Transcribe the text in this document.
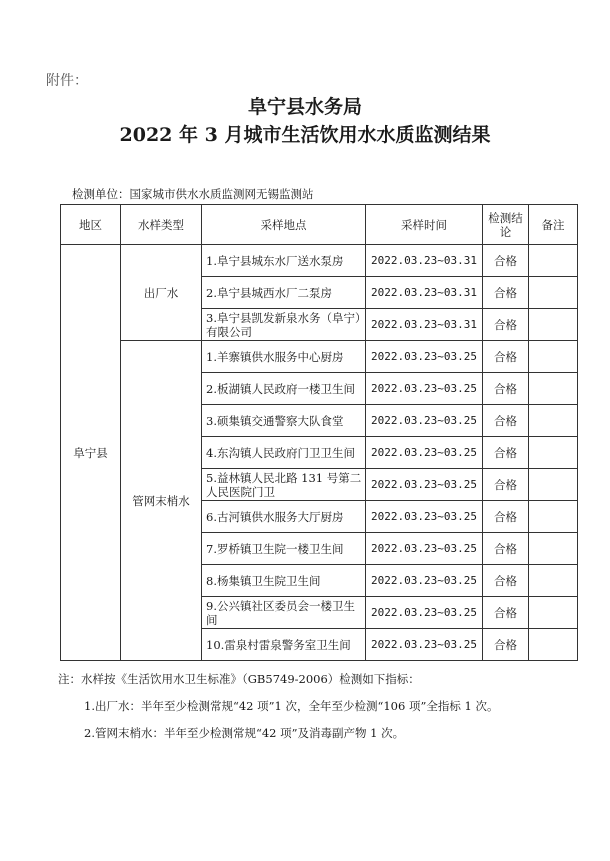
附件：
阜宁县水务局
2022 年 3 月城市生活饮用水水质监测结果
检测单位：国家城市供水水质监测网无锡监测站
地区	水样类型	采样地点	采样时间	检测结论	备注
阜宁县	出厂水	1.阜宁县城东水厂送水泵房	2022.03.23~03.31	合格	
		2.阜宁县城西水厂二泵房	2022.03.23~03.31	合格	
		3.阜宁县凯发新泉水务（阜宁）有限公司	2022.03.23~03.31	合格	
	管网末梢水	1.羊寨镇供水服务中心厨房	2022.03.23~03.25	合格	
		2.板湖镇人民政府一楼卫生间	2022.03.23~03.25	合格	
		3.硕集镇交通警察大队食堂	2022.03.23~03.25	合格	
		4.东沟镇人民政府门卫卫生间	2022.03.23~03.25	合格	
		5.益林镇人民北路 131 号第二人民医院门卫	2022.03.23~03.25	合格	
		6.古河镇供水服务大厅厨房	2022.03.23~03.25	合格	
		7.罗桥镇卫生院一楼卫生间	2022.03.23~03.25	合格	
		8.杨集镇卫生院卫生间	2022.03.23~03.25	合格	
		9.公兴镇社区委员会一楼卫生间	2022.03.23~03.25	合格	
		10.雷泉村雷泉警务室卫生间	2022.03.23~03.25	合格	
注：水样按《生活饮用水卫生标准》（GB5749-2006）检测如下指标：
1.出厂水：半年至少检测常规“42 项”1 次，全年至少检测“106 项”全指标 1 次。
2.管网末梢水：半年至少检测常规“42 项”及消毒副产物 1 次。
